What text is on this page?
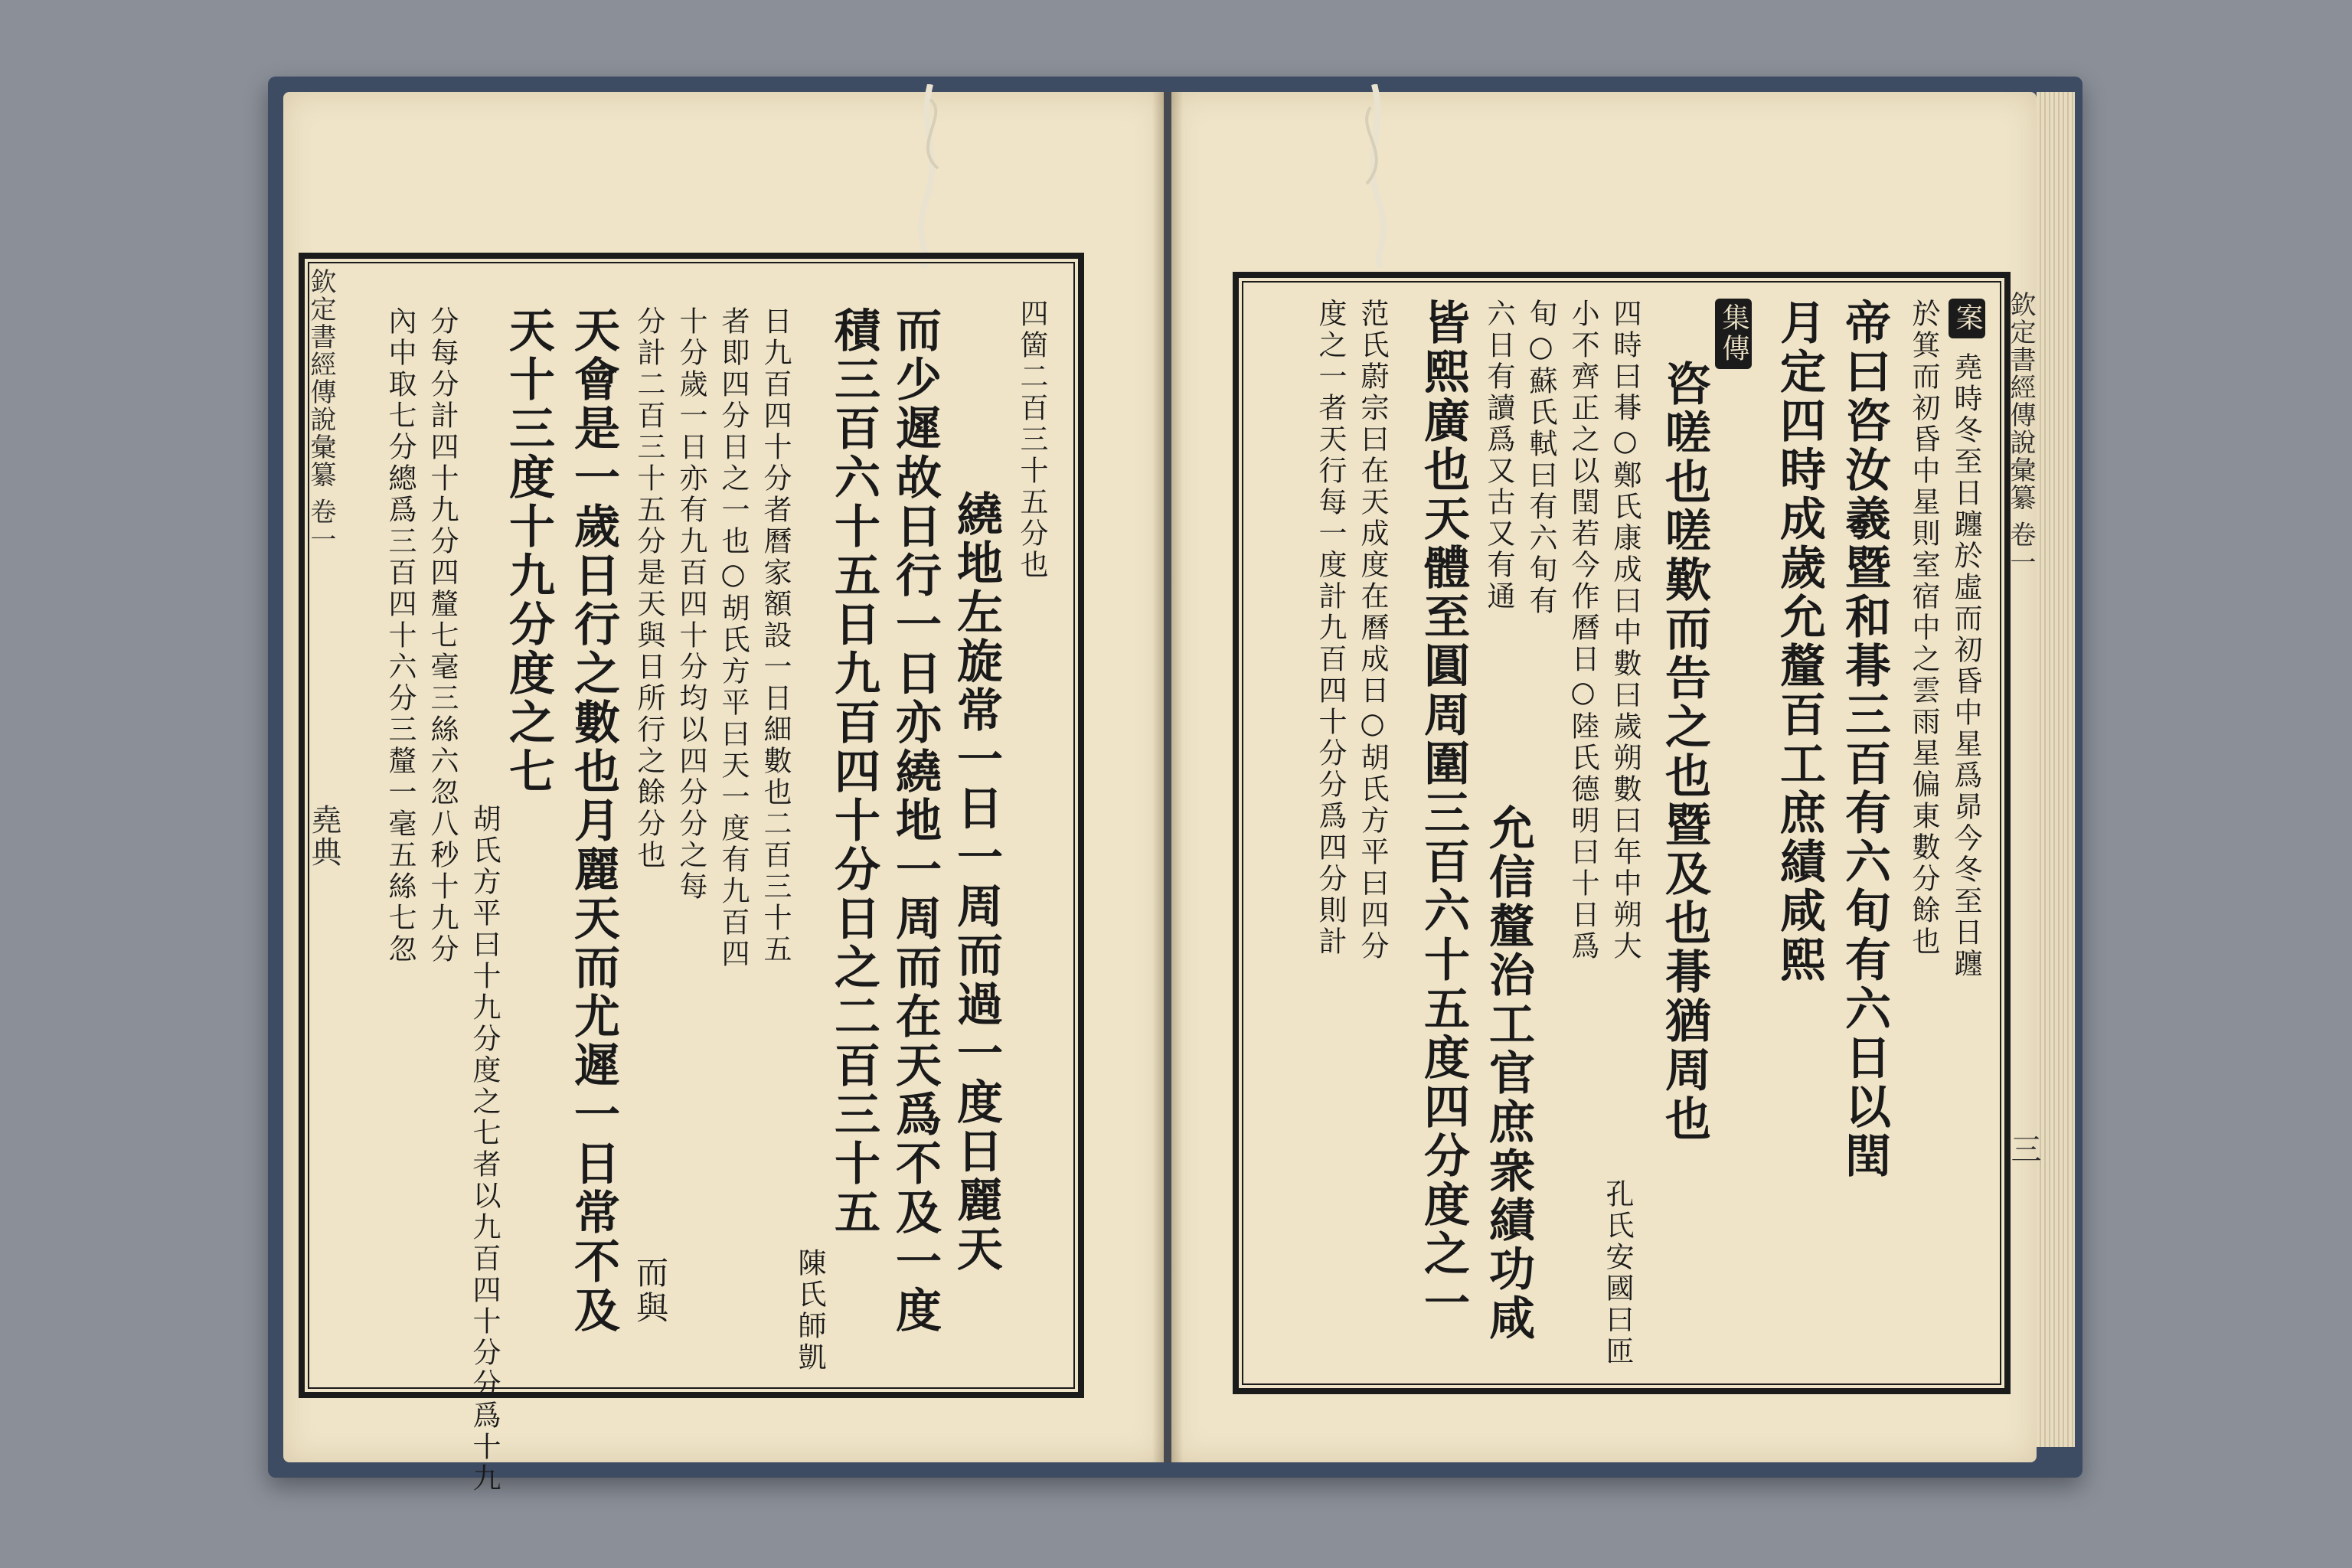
欽定書經傳說彙纂 卷一
堯典
四箇二百三十五分也
繞地左旋常一日一周而過一度日麗天
而少遲故日行一日亦繞地一周而在天爲不及一度
積三百六十五日九百四十分日之二百三十五
陳氏師凱
日九百四十分者曆家額設一日細數也二百三十五
者即四分日之一也○胡氏方平曰天一度有九百四
十分歲一日亦有九百四十分均以四分分之每
分計二百三十五分是天與日所行之餘分也
而與
天會是一歲日行之數也月麗天而尤遲一日常不及
天十三度十九分度之七
胡氏方平曰十九分度之七者以九百四十分分爲十九
分每分計四十九分四釐七毫三絲六忽八秒十九分
內中取七分總爲三百四十六分三釐一毫五絲七忽	欽定書經傳說彙纂 卷一
三
案
堯時冬至日躔於虛而初昏中星爲昴今冬至日躔
於箕而初昏中星則室宿中之雲雨星偏東數分餘也
帝曰咨汝羲暨和朞三百有六旬有六日以閏
月定四時成歲允釐百工庶績咸熙
集傳
咨嗟也嗟歎而告之也暨及也朞猶周也
孔氏安國曰匝
四時曰朞○鄭氏康成曰中數曰歲朔數曰年中朔大
小不齊正之以閏若今作曆日○陸氏德明曰十日爲
旬○蘇氏軾曰有六旬有
六日有讀爲又古又有通
允信釐治工官庶衆績功咸
皆熙廣也天體至圓周圍三百六十五度四分度之一
范氏蔚宗曰在天成度在曆成日○胡氏方平曰四分
度之一者天行每一度計九百四十分分爲四分則計
